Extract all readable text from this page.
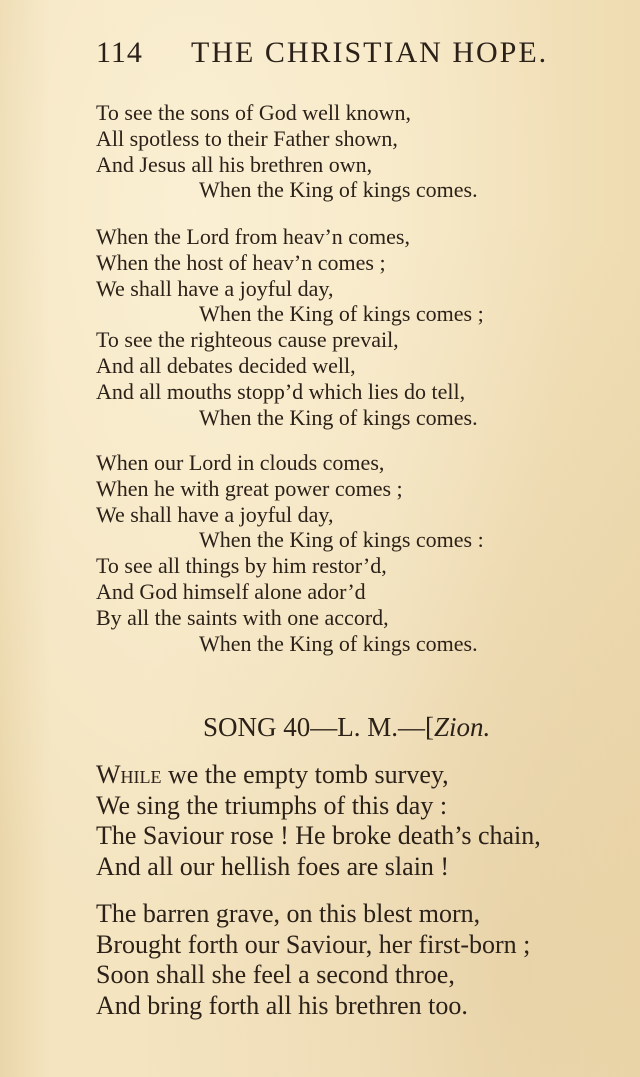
114 THE CHRISTIAN HOPE.
To see the sons of God well known,
All spotless to their Father shown,
And Jesus all his brethren own,
When the King of kings comes.
When the Lord from heav’n comes,
When the host of heav’n comes ;
We shall have a joyful day,
When the King of kings comes ;
To see the righteous cause prevail,
And all debates decided well,
And all mouths stopp’d which lies do tell,
When the King of kings comes.
When our Lord in clouds comes,
When he with great power comes ;
We shall have a joyful day,
When the King of kings comes :
To see all things by him restor’d,
And God himself alone ador’d
By all the saints with one accord,
When the King of kings comes.
SONG 40—L. M.—[Zion.
While we the empty tomb survey,
We sing the triumphs of this day :
The Saviour rose ! He broke death’s chain,
And all our hellish foes are slain !
The barren grave, on this blest morn,
Brought forth our Saviour, her first-born ;
Soon shall she feel a second throe,
And bring forth all his brethren too.
